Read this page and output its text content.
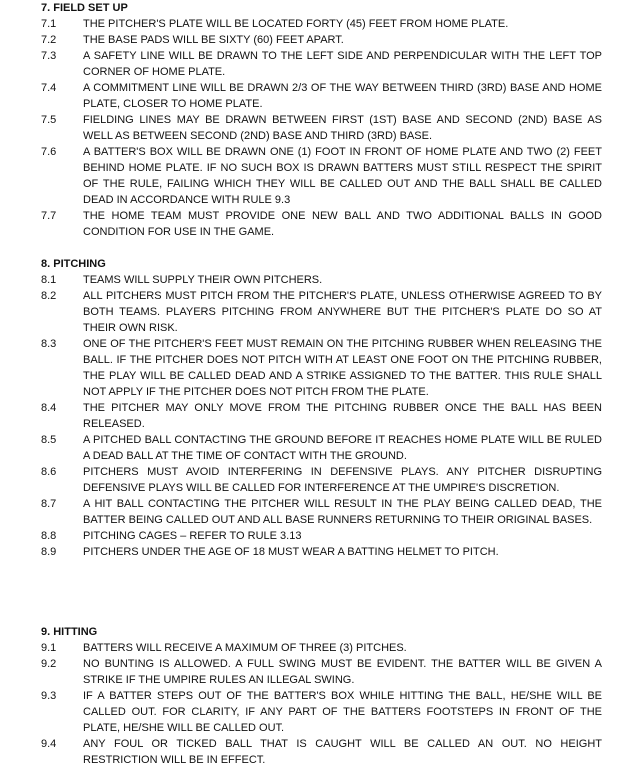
7. FIELD SET UP
7.1	THE PITCHER'S PLATE WILL BE LOCATED FORTY (45) FEET FROM HOME PLATE.
7.2	THE BASE PADS WILL BE SIXTY (60) FEET APART.
7.3	A SAFETY LINE WILL BE DRAWN TO THE LEFT SIDE AND PERPENDICULAR WITH THE LEFT TOP CORNER OF HOME PLATE.
7.4	A COMMITMENT LINE WILL BE DRAWN 2/3 OF THE WAY BETWEEN THIRD (3RD) BASE AND HOME PLATE, CLOSER TO HOME PLATE.
7.5	FIELDING LINES MAY BE DRAWN BETWEEN FIRST (1ST) BASE AND SECOND (2ND) BASE AS WELL AS BETWEEN SECOND (2ND) BASE AND THIRD (3RD) BASE.
7.6	A BATTER'S BOX WILL BE DRAWN ONE (1) FOOT IN FRONT OF HOME PLATE AND TWO (2) FEET BEHIND HOME PLATE. IF NO SUCH BOX IS DRAWN BATTERS MUST STILL RESPECT THE SPIRIT OF THE RULE, FAILING WHICH THEY WILL BE CALLED OUT AND THE BALL SHALL BE CALLED DEAD IN ACCORDANCE WITH RULE 9.3
7.7	THE HOME TEAM MUST PROVIDE ONE NEW BALL AND TWO ADDITIONAL BALLS IN GOOD CONDITION FOR USE IN THE GAME.
8. PITCHING
8.1	TEAMS WILL SUPPLY THEIR OWN PITCHERS.
8.2	ALL PITCHERS MUST PITCH FROM THE PITCHER'S PLATE, UNLESS OTHERWISE AGREED TO BY BOTH TEAMS. PLAYERS PITCHING FROM ANYWHERE BUT THE PITCHER'S PLATE DO SO AT THEIR OWN RISK.
8.3	ONE OF THE PITCHER'S FEET MUST REMAIN ON THE PITCHING RUBBER WHEN RELEASING THE BALL. IF THE PITCHER DOES NOT PITCH WITH AT LEAST ONE FOOT ON THE PITCHING RUBBER, THE PLAY WILL BE CALLED DEAD AND A STRIKE ASSIGNED TO THE BATTER. THIS RULE SHALL NOT APPLY IF THE PITCHER DOES NOT PITCH FROM THE PLATE.
8.4	THE PITCHER MAY ONLY MOVE FROM THE PITCHING RUBBER ONCE THE BALL HAS BEEN RELEASED.
8.5	A PITCHED BALL CONTACTING THE GROUND BEFORE IT REACHES HOME PLATE WILL BE RULED A DEAD BALL AT THE TIME OF CONTACT WITH THE GROUND.
8.6	PITCHERS MUST AVOID INTERFERING IN DEFENSIVE PLAYS. ANY PITCHER DISRUPTING DEFENSIVE PLAYS WILL BE CALLED FOR INTERFERENCE AT THE UMPIRE'S DISCRETION.
8.7	A HIT BALL CONTACTING THE PITCHER WILL RESULT IN THE PLAY BEING CALLED DEAD, THE BATTER BEING CALLED OUT AND ALL BASE RUNNERS RETURNING TO THEIR ORIGINAL BASES.
8.8	PITCHING CAGES – REFER TO RULE 3.13
8.9	PITCHERS UNDER THE AGE OF 18 MUST WEAR A BATTING HELMET TO PITCH.
9. HITTING
9.1	BATTERS WILL RECEIVE A MAXIMUM OF THREE (3) PITCHES.
9.2	NO BUNTING IS ALLOWED. A FULL SWING MUST BE EVIDENT. THE BATTER WILL BE GIVEN A STRIKE IF THE UMPIRE RULES AN ILLEGAL SWING.
9.3	IF A BATTER STEPS OUT OF THE BATTER'S BOX WHILE HITTING THE BALL, HE/SHE WILL BE CALLED OUT. FOR CLARITY, IF ANY PART OF THE BATTERS FOOTSTEPS IN FRONT OF THE PLATE, HE/SHE WILL BE CALLED OUT.
9.4	ANY FOUL OR TICKED BALL THAT IS CAUGHT WILL BE CALLED AN OUT. NO HEIGHT RESTRICTION WILL BE IN EFFECT.
